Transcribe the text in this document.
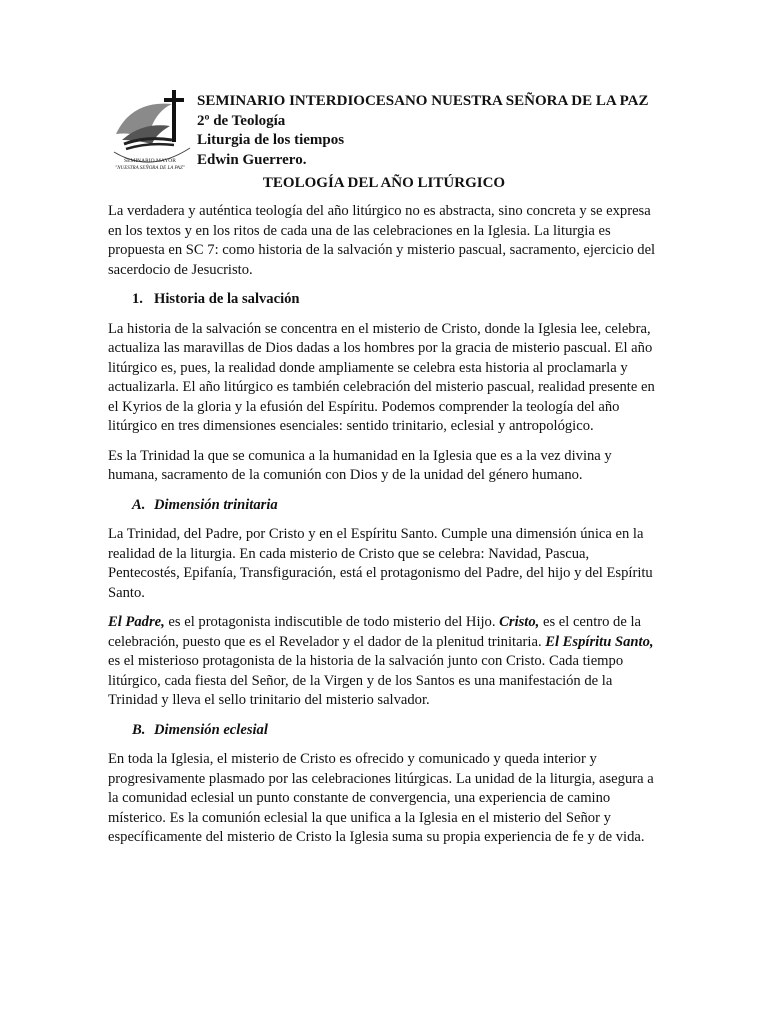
SEMINARIO MAYOR
"NUESTRA SEÑORA DE LA PAZ"
SEMINARIO INTERDIOCESANO NUESTRA SEÑORA DE LA PAZ
2º de Teología
Liturgia de los tiempos
Edwin Guerrero.
TEOLOGÍA DEL AÑO LITÚRGICO

La verdadera y auténtica teología del año litúrgico no es abstracta, sino concreta y se expresa en los textos y en los ritos de cada una de las celebraciones en la Iglesia. La liturgia es propuesta en SC 7: como historia de la salvación y misterio pascual, sacramento, ejercicio del sacerdocio de Jesucristo.

1. Historia de la salvación

La historia de la salvación se concentra en el misterio de Cristo, donde la Iglesia lee, celebra, actualiza las maravillas de Dios dadas a los hombres por la gracia de misterio pascual. El año litúrgico es, pues, la realidad donde ampliamente se celebra esta historia al proclamarla y actualizarla. El año litúrgico es también celebración del misterio pascual, realidad presente en el Kyrios de la gloria y la efusión del Espíritu. Podemos comprender la teología del año litúrgico en tres dimensiones esenciales: sentido trinitario, eclesial y antropológico.

Es la Trinidad la que se comunica a la humanidad en la Iglesia que es a la vez divina y humana, sacramento de la comunión con Dios y de la unidad del género humano.

A. Dimensión trinitaria

La Trinidad, del Padre, por Cristo y en el Espíritu Santo. Cumple una dimensión única en la realidad de la liturgia. En cada misterio de Cristo que se celebra: Navidad, Pascua, Pentecostés, Epifanía, Transfiguración, está el protagonismo del Padre, del hijo y del Espíritu Santo.

El Padre, es el protagonista indiscutible de todo misterio del Hijo. Cristo, es el centro de la celebración, puesto que es el Revelador y el dador de la plenitud trinitaria. El Espíritu Santo, es el misterioso protagonista de la historia de la salvación junto con Cristo. Cada tiempo litúrgico, cada fiesta del Señor, de la Virgen y de los Santos es una manifestación de la Trinidad y lleva el sello trinitario del misterio salvador.

B. Dimensión eclesial

En toda la Iglesia, el misterio de Cristo es ofrecido y comunicado y queda interior y progresivamente plasmado por las celebraciones litúrgicas. La unidad de la liturgia, asegura a la comunidad eclesial un punto constante de convergencia, una experiencia de camino místerico. Es la comunión eclesial la que unifica a la Iglesia en el misterio del Señor y específicamente del misterio de Cristo la Iglesia suma su propia experiencia de fe y de vida.
